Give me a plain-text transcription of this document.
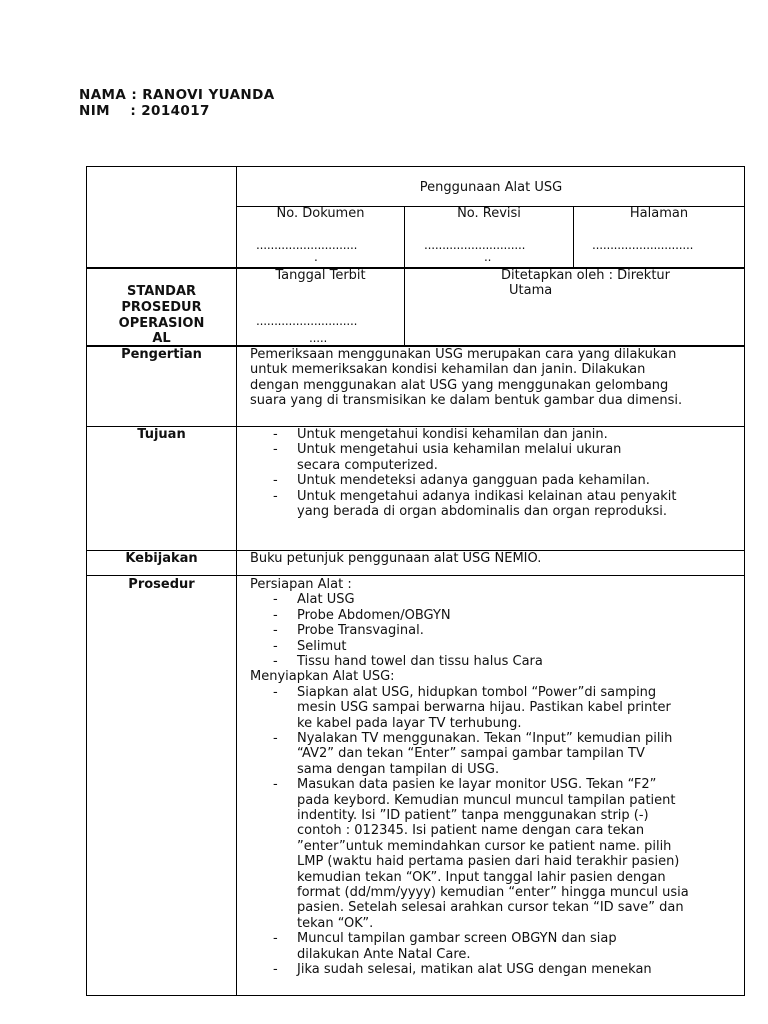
NAMA : RANOVI YUANDA
NIM    : 2014017
Penggunaan Alat USG
No. Dokumen	No. Revisi	Halaman
............................
.
............................
..
............................
STANDAR
PROSEDUR
OPERASION
AL
Tanggal Terbit
............................
.....
Ditetapkan oleh : Direktur
Utama
Pengertian	Pemeriksaan menggunakan USG merupakan cara yang dilakukan
untuk memeriksakan kondisi kehamilan dan janin. Dilakukan
dengan menggunakan alat USG yang menggunakan gelombang
suara yang di transmisikan ke dalam bentuk gambar dua dimensi.
Tujuan
-	Untuk mengetahui kondisi kehamilan dan janin.
- Untuk mengetahui usia kehamilan melalui ukuran
secara computerized.
- Untuk mendeteksi adanya gangguan pada kehamilan.
- Untuk mengetahui adanya indikasi kelainan atau penyakit
yang berada di organ abdominalis dan organ reproduksi.
Kebijakan	Buku petunjuk penggunaan alat USG NEMIO.
Prosedur	Persiapan Alat :
- Alat USG
- Probe Abdomen/OBGYN
- Probe Transvaginal.
- Selimut
- Tissu hand towel dan tissu halus Cara
Menyiapkan Alat USG:
- Siapkan alat USG, hidupkan tombol “Power”di samping
mesin USG sampai berwarna hijau. Pastikan kabel printer
ke kabel pada layar TV terhubung.
- Nyalakan TV menggunakan. Tekan “Input” kemudian pilih
“AV2” dan tekan “Enter” sampai gambar tampilan TV
sama dengan tampilan di USG.
- Masukan data pasien ke layar monitor USG. Tekan “F2”
pada keybord. Kemudian muncul muncul tampilan patient
indentity. Isi ”ID patient” tanpa menggunakan strip (-)
contoh : 012345. Isi patient name dengan cara tekan
”enter”untuk memindahkan cursor ke patient name. pilih
LMP (waktu haid pertama pasien dari haid terakhir pasien)
kemudian tekan “OK”. Input tanggal lahir pasien dengan
format (dd/mm/yyyy) kemudian “enter” hingga muncul usia
pasien. Setelah selesai arahkan cursor tekan “ID save” dan
tekan “OK”.
- Muncul tampilan gambar screen OBGYN dan siap
dilakukan Ante Natal Care.
- Jika sudah selesai, matikan alat USG dengan menekan
